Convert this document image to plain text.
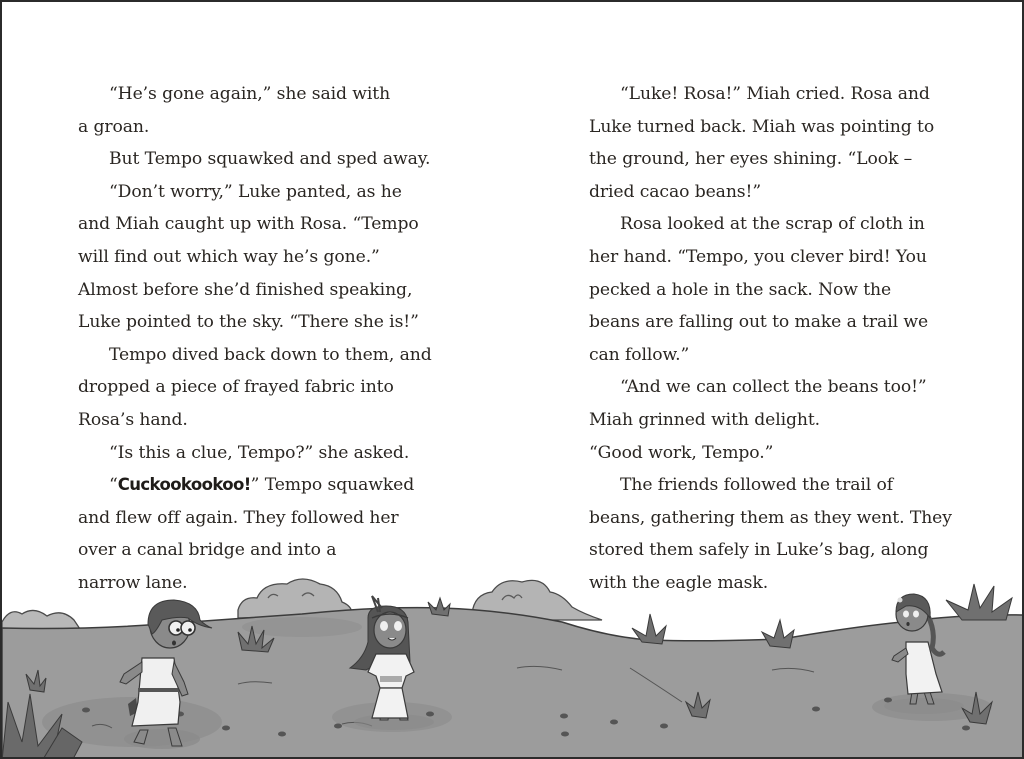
“He’s gone again,” she said with
a groan.
But Tempo squawked and sped away.
“Don’t worry,” Luke panted, as he
and Miah caught up with Rosa. “Tempo
will find out which way he’s gone.”
Almost before she’d finished speaking,
Luke pointed to the sky. “There she is!”
Tempo dived back down to them, and
dropped a piece of frayed fabric into
Rosa’s hand.
“Is this a clue, Tempo?” she asked.
“Cuckookookoo!” Tempo squawked
and flew off again. They followed her
over a canal bridge and into a
narrow lane.
“Luke! Rosa!” Miah cried. Rosa and
Luke turned back. Miah was pointing to
the ground, her eyes shining. “Look –
dried cacao beans!”
Rosa looked at the scrap of cloth in
her hand. “Tempo, you clever bird! You
pecked a hole in the sack. Now the
beans are falling out to make a trail we
can follow.”
“And we can collect the beans too!”
Miah grinned with delight.
“Good work, Tempo.”
The friends followed the trail of
beans, gathering them as they went. They
stored them safely in Luke’s bag, along
with the eagle mask.
